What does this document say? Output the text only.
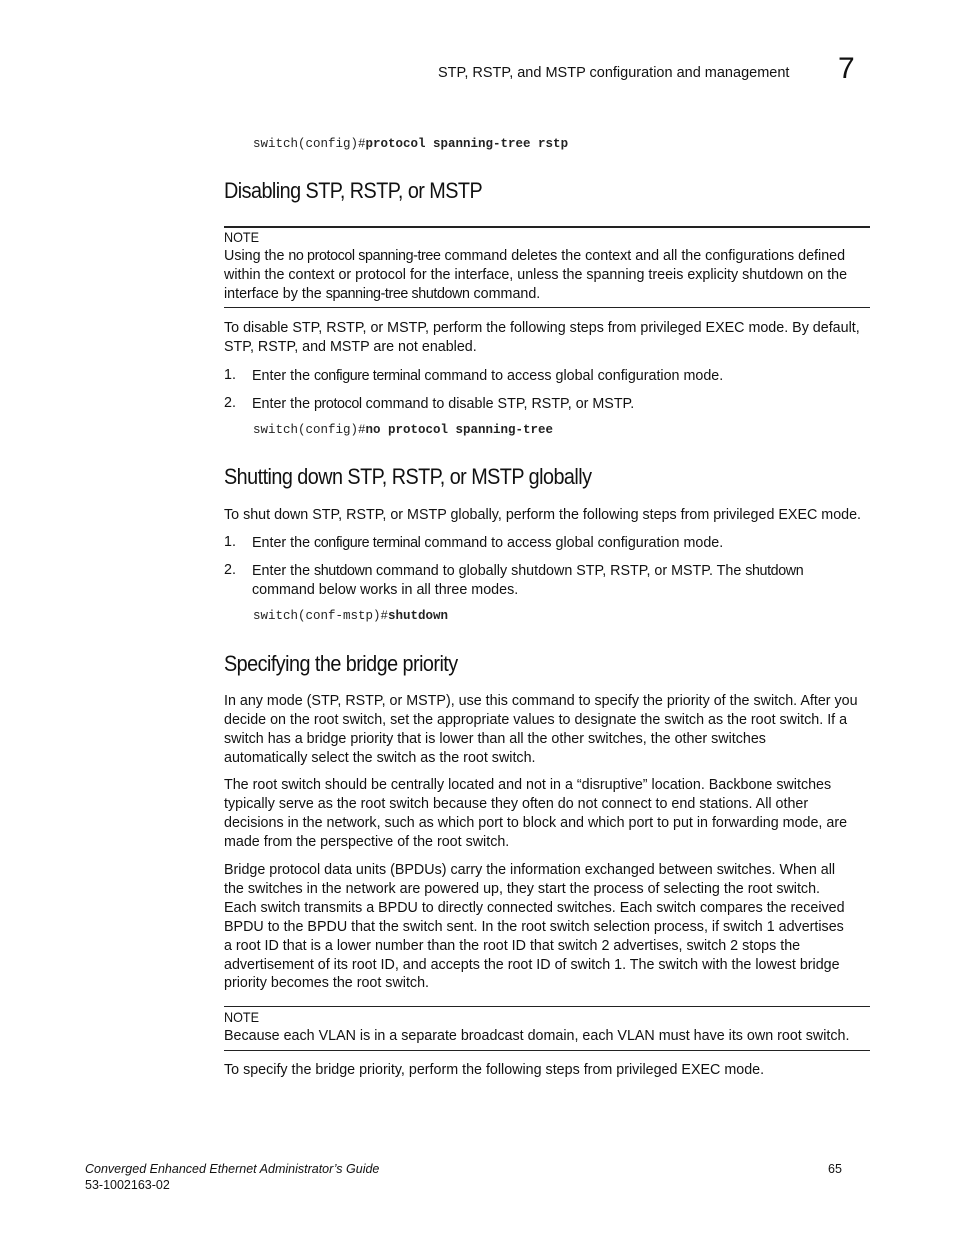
STP, RSTP, and MSTP configuration and management 7
switch(config)#protocol spanning-tree rstp
Disabling STP, RSTP, or MSTP
NOTE
Using the no protocol spanning-tree command deletes the context and all the configurations defined
within the context or protocol for the interface, unless the spanning treeis explicity shutdown on the
interface by the spanning-tree shutdown command.
To disable STP, RSTP, or MSTP, perform the following steps from privileged EXEC mode. By default,
STP, RSTP, and MSTP are not enabled.
1. Enter the configure terminal command to access global configuration mode.
2. Enter the protocol command to disable STP, RSTP, or MSTP.
switch(config)#no protocol spanning-tree
Shutting down STP, RSTP, or MSTP globally
To shut down STP, RSTP, or MSTP globally, perform the following steps from privileged EXEC mode.
1. Enter the configure terminal command to access global configuration mode.
2. Enter the shutdown command to globally shutdown STP, RSTP, or MSTP. The shutdown
command below works in all three modes.
switch(conf-mstp)#shutdown
Specifying the bridge priority
In any mode (STP, RSTP, or MSTP), use this command to specify the priority of the switch. After you
decide on the root switch, set the appropriate values to designate the switch as the root switch. If a
switch has a bridge priority that is lower than all the other switches, the other switches
automatically select the switch as the root switch.
The root switch should be centrally located and not in a “disruptive” location. Backbone switches
typically serve as the root switch because they often do not connect to end stations. All other
decisions in the network, such as which port to block and which port to put in forwarding mode, are
made from the perspective of the root switch.
Bridge protocol data units (BPDUs) carry the information exchanged between switches. When all
the switches in the network are powered up, they start the process of selecting the root switch.
Each switch transmits a BPDU to directly connected switches. Each switch compares the received
BPDU to the BPDU that the switch sent. In the root switch selection process, if switch 1 advertises
a root ID that is a lower number than the root ID that switch 2 advertises, switch 2 stops the
advertisement of its root ID, and accepts the root ID of switch 1. The switch with the lowest bridge
priority becomes the root switch.
NOTE
Because each VLAN is in a separate broadcast domain, each VLAN must have its own root switch.
To specify the bridge priority, perform the following steps from privileged EXEC mode.
Converged Enhanced Ethernet Administrator’s Guide
53-1002163-02
65
